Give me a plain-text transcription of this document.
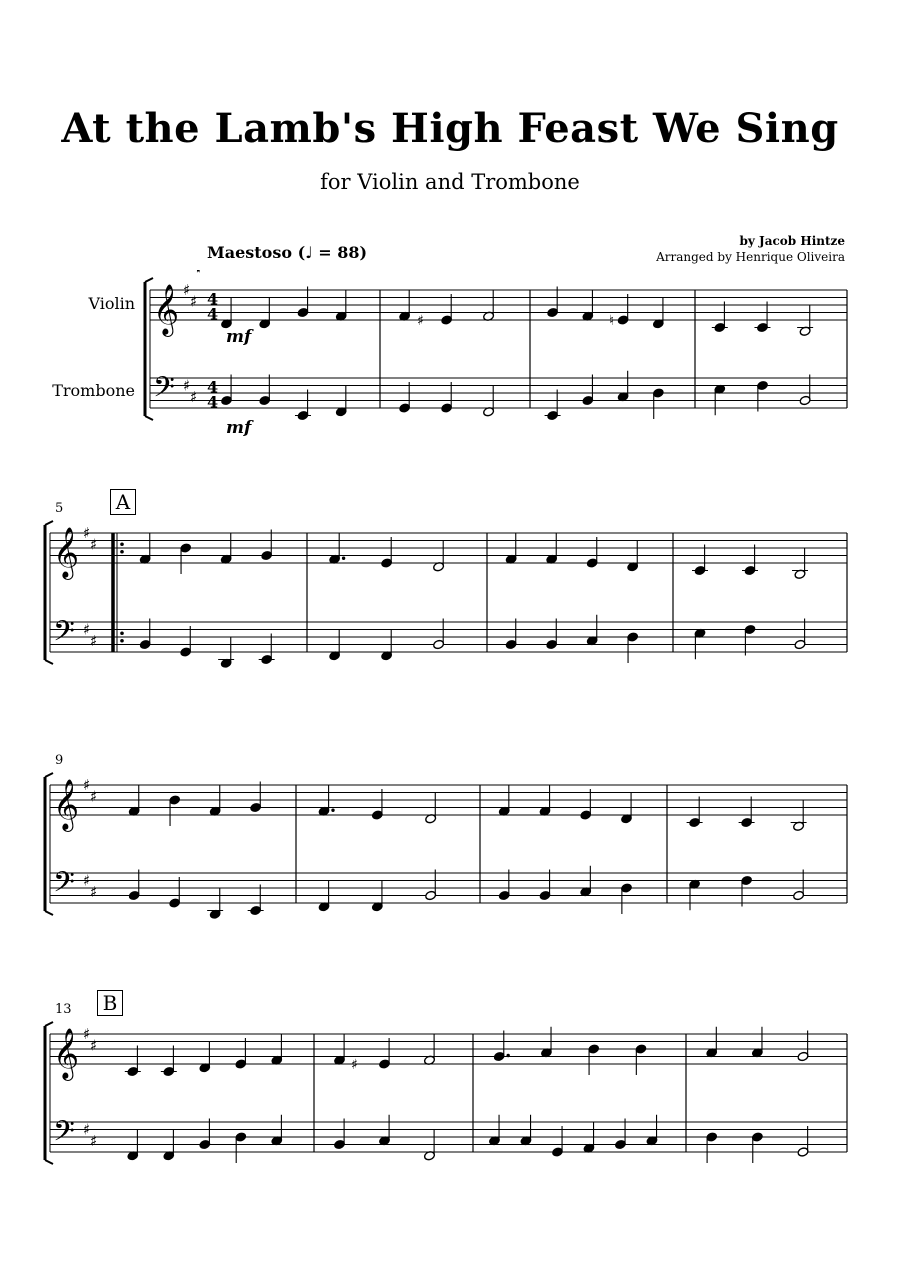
At the Lamb's High Feast We Sing
for Violin and Trombone
by Jacob Hintze
Arranged by Henrique Oliveira
Maestoso (♩ = 88)
Violin
Trombone
mf
mf
5	A
9
13 B
𝄞
𝄢
♯
♯
♯
♯
4
4
4
4
𝄞
𝄢
♯
♯
♯
♯
𝄞
𝄢
♯
♯
♯
♯
𝄞
𝄢
♯
♯
♯
♯
♯	♮
♯
